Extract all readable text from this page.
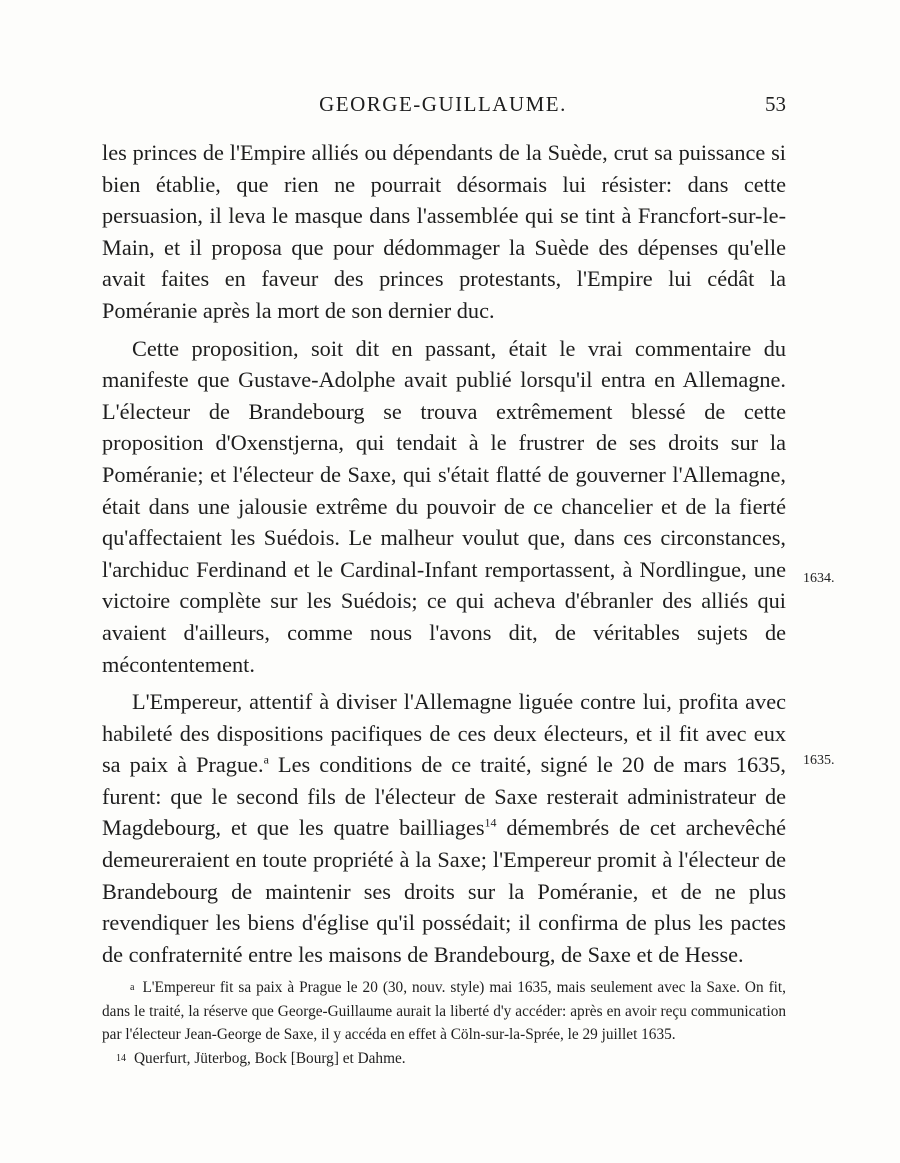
GEORGE-GUILLAUME.	53

les princes de l'Empire alliés ou dépendants de la Suède, crut sa puissance si bien établie, que rien ne pourrait désormais lui résister: dans cette persuasion, il leva le masque dans l'assemblée qui se tint à Francfort-sur-le-Main, et il proposa que pour dédommager la Suède des dépenses qu'elle avait faites en faveur des princes protestants, l'Empire lui cédât la Poméranie après la mort de son dernier duc.

Cette proposition, soit dit en passant, était le vrai commentaire du manifeste que Gustave-Adolphe avait publié lorsqu'il entra en Allemagne. L'électeur de Brandebourg se trouva extrêmement blessé de cette proposition d'Oxenstjerna, qui tendait à le frustrer de ses droits sur la Poméranie; et l'électeur de Saxe, qui s'était flatté de gouverner l'Allemagne, était dans une jalousie extrême du pouvoir de ce chancelier et de la fierté qu'affectaient les Suédois. Le malheur voulut que, dans ces circonstances, l'archiduc Ferdinand et le Cardinal-Infant remportassent, à Nordlingue, une victoire complète sur les Suédois; ce qui acheva d'ébranler des alliés qui avaient d'ailleurs, comme nous l'avons dit, de véritables sujets de mécontentement.

L'Empereur, attentif à diviser l'Allemagne liguée contre lui, profita avec habileté des dispositions pacifiques de ces deux électeurs, et il fit avec eux sa paix à Prague.$^a$ Les conditions de ce traité, signé le 20 de mars 1635, furent: que le second fils de l'électeur de Saxe resterait administrateur de Magdebourg, et que les quatre bailliages$^{14}$ démembrés de cet archevêché demeureraient en toute propriété à la Saxe; l'Empereur promit à l'électeur de Brandebourg de maintenir ses droits sur la Poméranie, et de ne plus revendiquer les biens d'église qu'il possédait; il confirma de plus les pactes de confraternité entre les maisons de Brandebourg, de Saxe et de Hesse.

1634.
1635.

a L'Empereur fit sa paix à Prague le 20 (30, nouv. style) mai 1635, mais seulement avec la Saxe. On fit, dans le traité, la réserve que George-Guillaume aurait la liberté d'y accéder: après en avoir reçu communication par l'électeur Jean-George de Saxe, il y accéda en effet à Cöln-sur-la-Sprée, le 29 juillet 1635.

14 Querfurt, Jüterbog, Bock [Bourg] et Dahme.
